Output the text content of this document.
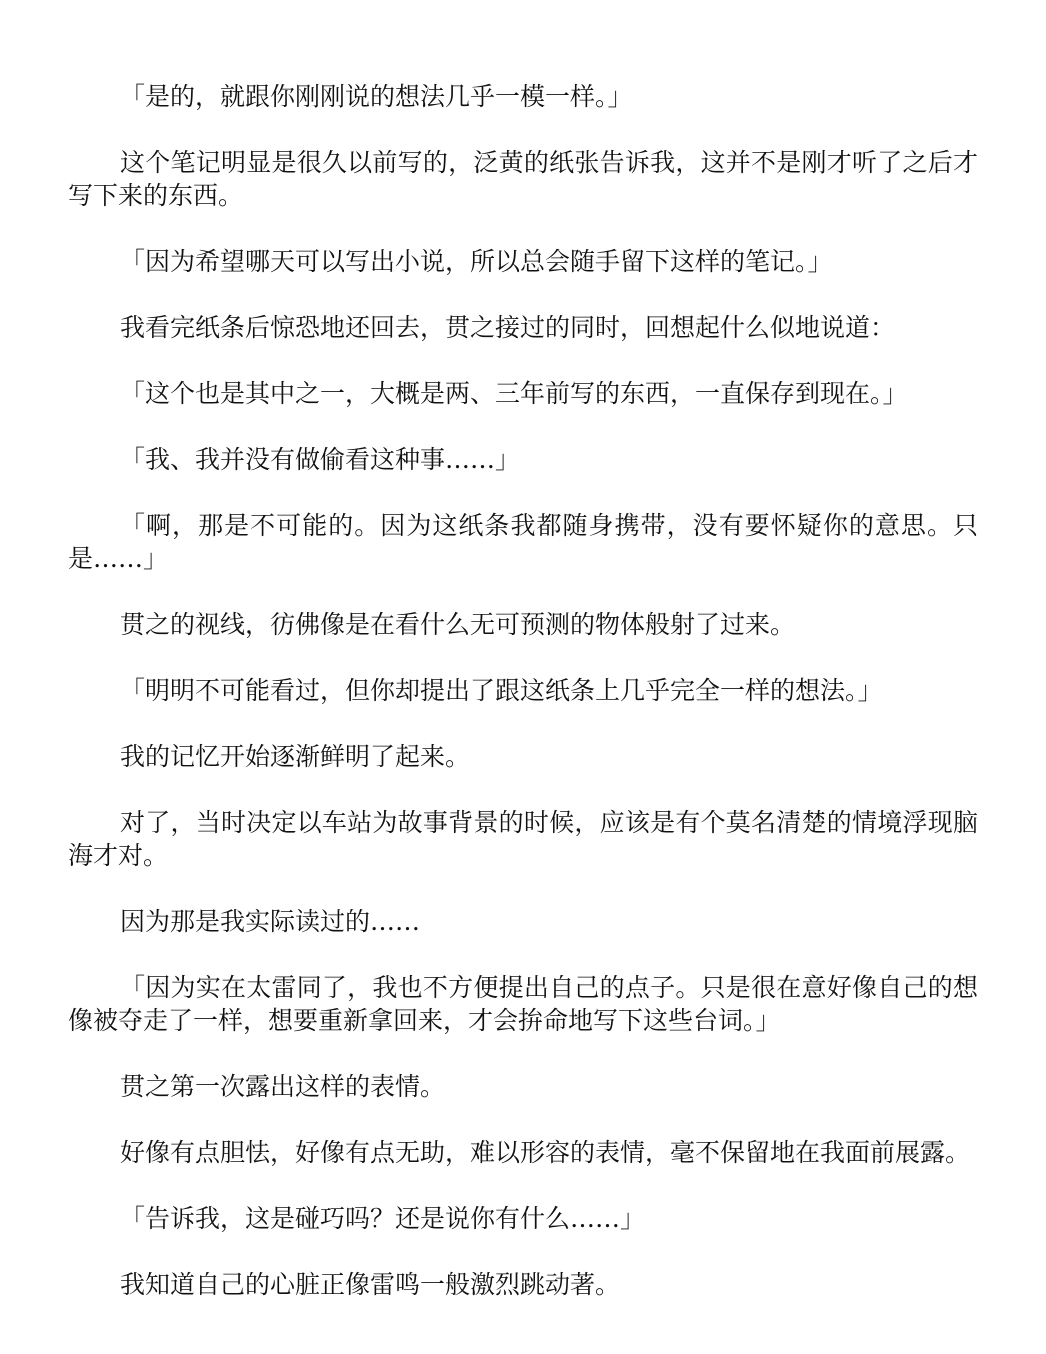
「是的，就跟你刚刚说的想法几乎一模一样。」

这个笔记明显是很久以前写的，泛黄的纸张告诉我，这并不是刚才听了之后才写下来的东西。

「因为希望哪天可以写出小说，所以总会随手留下这样的笔记。」

我看完纸条后惊恐地还回去，贯之接过的同时，回想起什么似地说道：

「这个也是其中之一，大概是两、三年前写的东西，一直保存到现在。」

「我、我并没有做偷看这种事……」

「啊，那是不可能的。因为这纸条我都随身携带，没有要怀疑你的意思。只是……」

贯之的视线，彷佛像是在看什么无可预测的物体般射了过来。

「明明不可能看过，但你却提出了跟这纸条上几乎完全一样的想法。」

我的记忆开始逐渐鲜明了起来。

对了，当时决定以车站为故事背景的时候，应该是有个莫名清楚的情境浮现脑海才对。

因为那是我实际读过的……

「因为实在太雷同了，我也不方便提出自己的点子。只是很在意好像自己的想像被夺走了一样，想要重新拿回来，才会拚命地写下这些台词。」

贯之第一次露出这样的表情。

好像有点胆怯，好像有点无助，难以形容的表情，毫不保留地在我面前展露。

「告诉我，这是碰巧吗？还是说你有什么……」

我知道自己的心脏正像雷鸣一般激烈跳动著。
